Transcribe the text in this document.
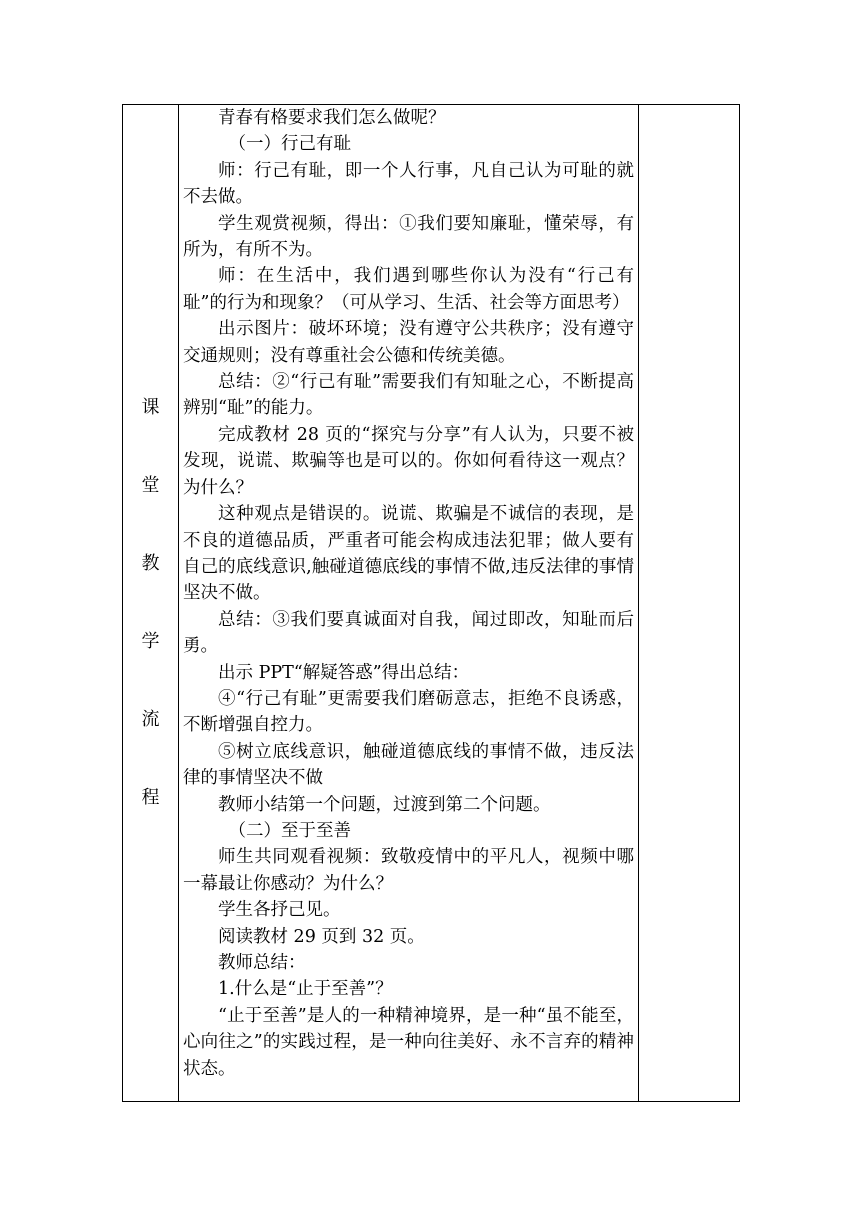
课
堂
教
学
流
程

青春有格要求我们怎么做呢？

（一）行己有耻

师：行己有耻，即一个人行事，凡自己认为可耻的就不去做。

学生观赏视频，得出：①我们要知廉耻，懂荣辱，有所为，有所不为。

师：在生活中，我们遇到哪些你认为没有“行己有耻”的行为和现象？（可从学习、生活、社会等方面思考）

出示图片：破坏环境；没有遵守公共秩序；没有遵守交通规则；没有尊重社会公德和传统美德。

总结：②“行己有耻”需要我们有知耻之心，不断提高辨别“耻”的能力。

完成教材 28 页的“探究与分享”有人认为，只要不被发现，说谎、欺骗等也是可以的。你如何看待这一观点？为什么？

这种观点是错误的。说谎、欺骗是不诚信的表现，是不良的道德品质，严重者可能会构成违法犯罪；做人要有自己的底线意识,触碰道德底线的事情不做,违反法律的事情坚决不做。

总结：③我们要真诚面对自我，闻过即改，知耻而后勇。

出示 PPT“解疑答惑”得出总结：

④“行己有耻”更需要我们磨砺意志，拒绝不良诱惑，不断增强自控力。

⑤树立底线意识，触碰道德底线的事情不做，违反法律的事情坚决不做

教师小结第一个问题，过渡到第二个问题。

（二）至于至善

师生共同观看视频：致敬疫情中的平凡人，视频中哪一幕最让你感动？为什么？

学生各抒己见。

阅读教材 29 页到 32 页。

教师总结：

1.什么是“止于至善”？

“止于至善”是人的一种精神境界，是一种“虽不能至，心向往之”的实践过程，是一种向往美好、永不言弃的精神状态。
